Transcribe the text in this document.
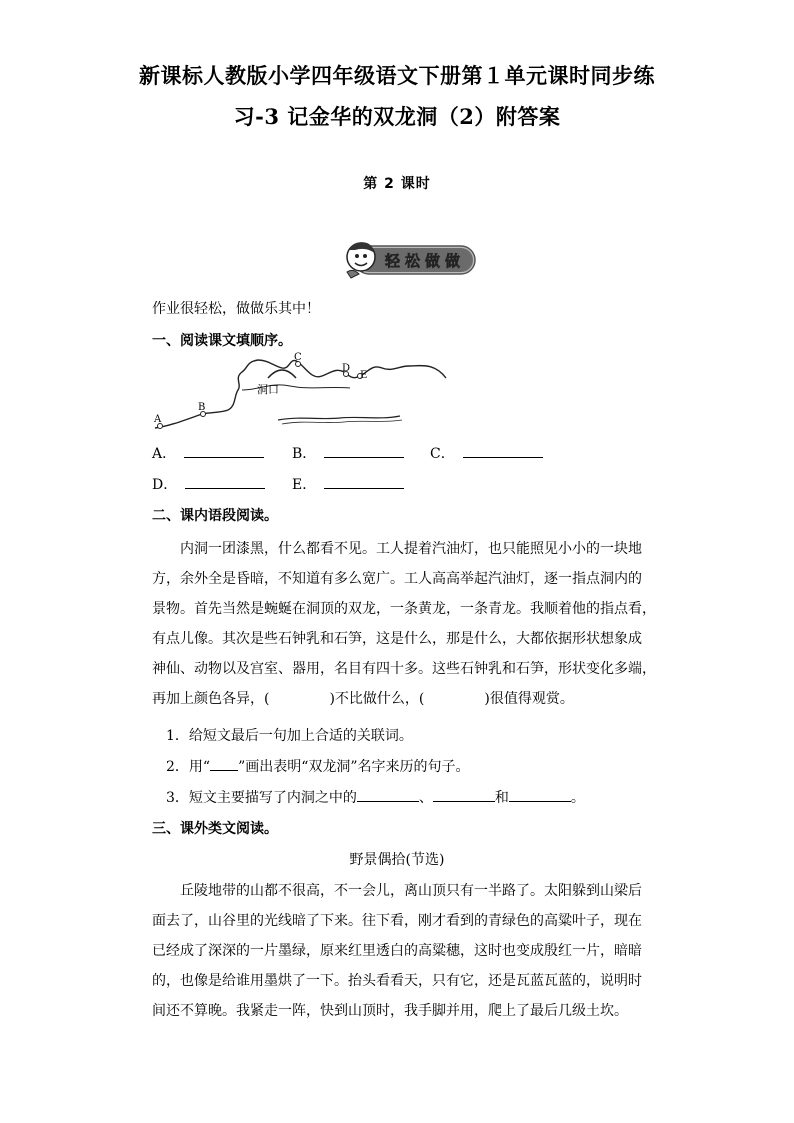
新课标人教版小学四年级语文下册第１单元课时同步练
习-3 记金华的双龙洞（2）附答案
第 2 课时
轻 松 做 做
作业很轻松，做做乐其中！
一、阅读课文填顺序。
A
B
C
D
E
洞口
A．	B．	C．
D．	E．
二、课内语段阅读。
　　内洞一团漆黑，什么都看不见。工人提着汽油灯，也只能照见小小的一块地
方，余外全是昏暗，不知道有多么宽广。工人高高举起汽油灯，逐一指点洞内的
景物。首先当然是蜿蜒在洞顶的双龙，一条黄龙，一条青龙。我顺着他的指点看，
有点儿像。其次是些石钟乳和石笋，这是什么，那是什么，大都依据形状想象成
神仙、动物以及宫室、器用，名目有四十多。这些石钟乳和石笋，形状变化多端，
再加上颜色各异，(	)不比做什么，(	)很值得观赏。
1．给短文最后一句加上合适的关联词。
2．用“ ”画出表明“双龙洞”名字来历的句子。
3．短文主要描写了内洞之中的	、	和	。
三、课外类文阅读。
野景偶拾(节选)
　　丘陵地带的山都不很高，不一会儿，离山顶只有一半路了。太阳躲到山梁后
面去了，山谷里的光线暗了下来。往下看，刚才看到的青绿色的高粱叶子，现在
已经成了深深的一片墨绿，原来红里透白的高粱穗，这时也变成殷红一片，暗暗
的，也像是给谁用墨烘了一下。抬头看看天，只有它，还是瓦蓝瓦蓝的，说明时
间还不算晚。我紧走一阵，快到山顶时，我手脚并用，爬上了最后几级土坎。
